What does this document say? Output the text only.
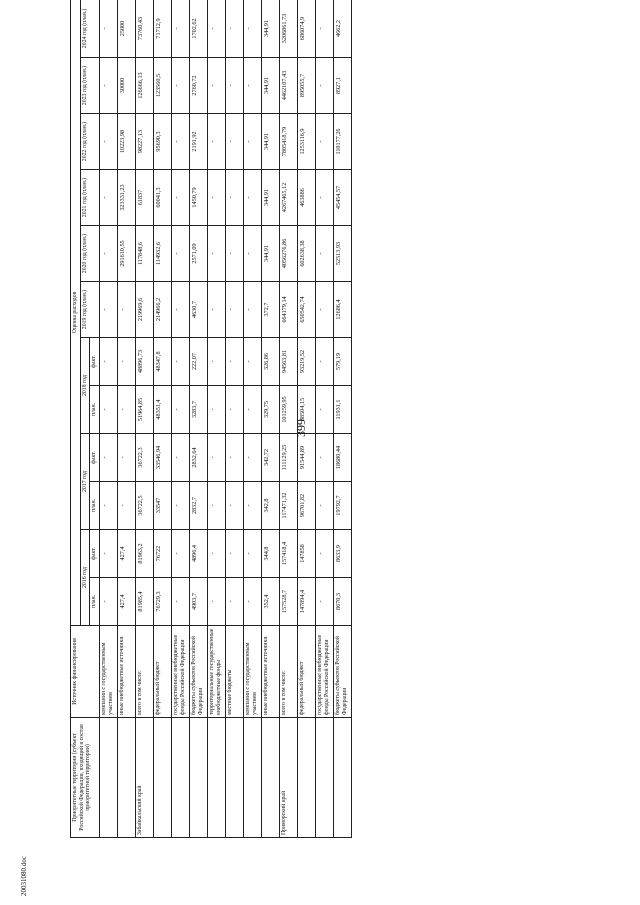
399
20031080.doc
Приоритетные территории (субъект Российской Федерации, входящий в состав приоритетной территории)	Источник финансирования	Оценка расходов											
		2016 год		2017 год		2018 год		2019 год (план.)	2020 год (план.)	2021 год (план.)	2022 год (план.)	2023 год (план.)	2024 год (план.)
		план.	факт.	план.	факт.	план.	факт.						
	компании с государственным участием	-	-	-	-	-	-	-	-	-	-	-	-
	иные внебюджетные источники	427,4	427,4	-	-	-	-	-	291610,55	323331,23	10223,98	30000	25000
Забайкальский край	всего в том числе:	81985,4	81963,2	36722,5	36722,3	51964,85	48896,73	219969,6	117848,6	61837	98227,13	126666,13	73760,43
	федеральный бюджет	76729,3	76722	33547	33546,94	48351,4	48347,8	214966,2	114932,6	60041,3	95690,3	123560,5	71712,9
	государственные внебюджетные фонды Российской Федерации	-	-	-	-	-	-	-	-	-	-	-	-
	бюджеты субъектов Российской Федерации	4903,7	4896,4	2832,7	2832,64	3283,7	222,07	4630,7	2571,09	1450,79	2191,92	2760,72	1702,62
	территориальные государственные внебюджетные фонды	-	-	-	-	-	-	-	-	-	-	-	-
	местные бюджеты	-	-	-	-	-	-	-	-	-	-	-	-
	компании с государственным участием	-	-	-	-	-	-	-	-	-	-	-	-
	иные внебюджетные источники	352,4	344,8	342,8	342,72	329,75	326,86	372,7	344,91	344,91	344,91	344,91	344,91
Приморский край	всего в том числе:	157528,7	157418,4	117471,32	111129,25	101259,95	94563,81	664179,14	4056276,86	4267465,12	7805418,79	4462107,43	3206861,73
	федеральный бюджет	147894,4	147858	96701,82	91544,89	88504,15	93219,52	650542,74	602638,38	463886	1253116,9	895055,7	686074,9
	государственные внебюджетные фонды Российской Федерации	-	-	-	-	-	-	-	-	-	-	-	-
	бюджеты субъектов Российской Федерации	8670,3	8633,9	19792,7	18680,44	11931,1	579,19	12686,4	52513,93	45454,57	110177,26	8927,1	4662,2
